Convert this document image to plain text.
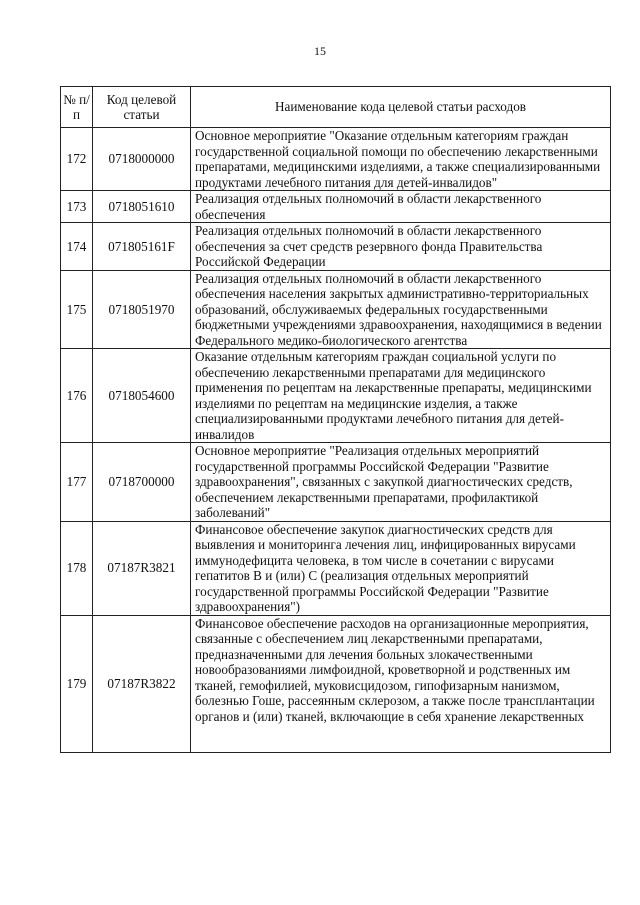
15
№ п/п	Код целевой статьи	Наименование кода целевой статьи расходов
172	0718000000	Основное мероприятие "Оказание отдельным категориям граждан государственной социальной помощи по обеспечению лекарственными препаратами, медицинскими изделиями, а также специализированными продуктами лечебного питания для детей-инвалидов"
173	0718051610	Реализация отдельных полномочий в области лекарственного обеспечения
174	071805161F	Реализация отдельных полномочий в области лекарственного обеспечения за счет средств резервного фонда Правительства Российской Федерации
175	0718051970	Реализация отдельных полномочий в области лекарственного обеспечения населения закрытых административно-территориальных образований, обслуживаемых федеральных государственными бюджетными учреждениями здравоохранения, находящимися в ведении Федерального медико-биологического агентства
176	0718054600	Оказание отдельным категориям граждан социальной услуги по обеспечению лекарственными препаратами для медицинского применения по рецептам на лекарственные препараты, медицинскими изделиями по рецептам на медицинские изделия, а также специализированными продуктами лечебного питания для детей-инвалидов
177	0718700000	Основное мероприятие "Реализация отдельных мероприятий государственной программы Российской Федерации "Развитие здравоохранения", связанных с закупкой диагностических средств, обеспечением лекарственными препаратами, профилактикой заболеваний"
178	07187R3821	Финансовое обеспечение закупок диагностических средств для выявления и мониторинга лечения лиц, инфицированных вирусами иммунодефицита человека, в том числе в сочетании с вирусами гепатитов B и (или) C (реализация отдельных мероприятий государственной программы Российской Федерации "Развитие здравоохранения")
179	07187R3822	Финансовое обеспечение расходов на организационные мероприятия, связанные с обеспечением лиц лекарственными препаратами, предназначенными для лечения больных злокачественными новообразованиями лимфоидной, кроветворной и родственных им тканей, гемофилией, муковисцидозом, гипофизарным нанизмом, болезнью Гоше, рассеянным склерозом, а также после трансплантации органов и (или) тканей, включающие в себя хранение лекарственных
